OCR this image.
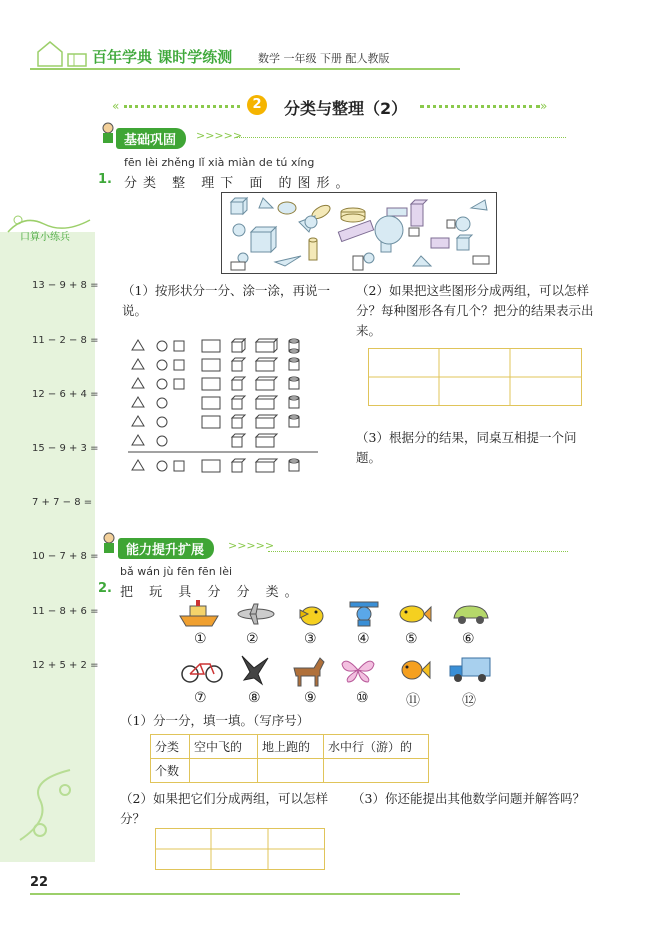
百年学典 课时学练测 数学 一年级 下册 配人教版
«	2	分类与整理（2）	»
基础巩固	>>>>>
口算小练兵
13 − 9 + 8 =
11 − 2 − 8 =
12 − 6 + 4 =
15 − 9 + 3 =
7 + 7 − 8 =
10 − 7 + 8 =
11 − 8 + 6 =
12 + 5 + 2 =
fēn lèi zhěng lǐ xià miàn de tú xíng
1. 分类 整 理下 面 的图形。
（1）按形状分一分、涂一涂，再说一说。
（2）如果把这些图形分成两组，可以怎样分？每种图形各有几个？把分的结果表示出来。
（3）根据分的结果，同桌互相提一个问题。
能力提升扩展	>>>>>
bǎ wán jù fēn fēn lèi
2. 把 玩 具 分 分 类。
①	②	③	④	⑤	⑥
⑦	⑧	⑨	⑩	⑪	⑫
（1）分一分，填一填。（写序号）
分类	空中飞的	地上跑的	水中行（游）的
个数			
（2）如果把它们分成两组，可以怎样分？
（3）你还能提出其他数学问题并解答吗？
22
